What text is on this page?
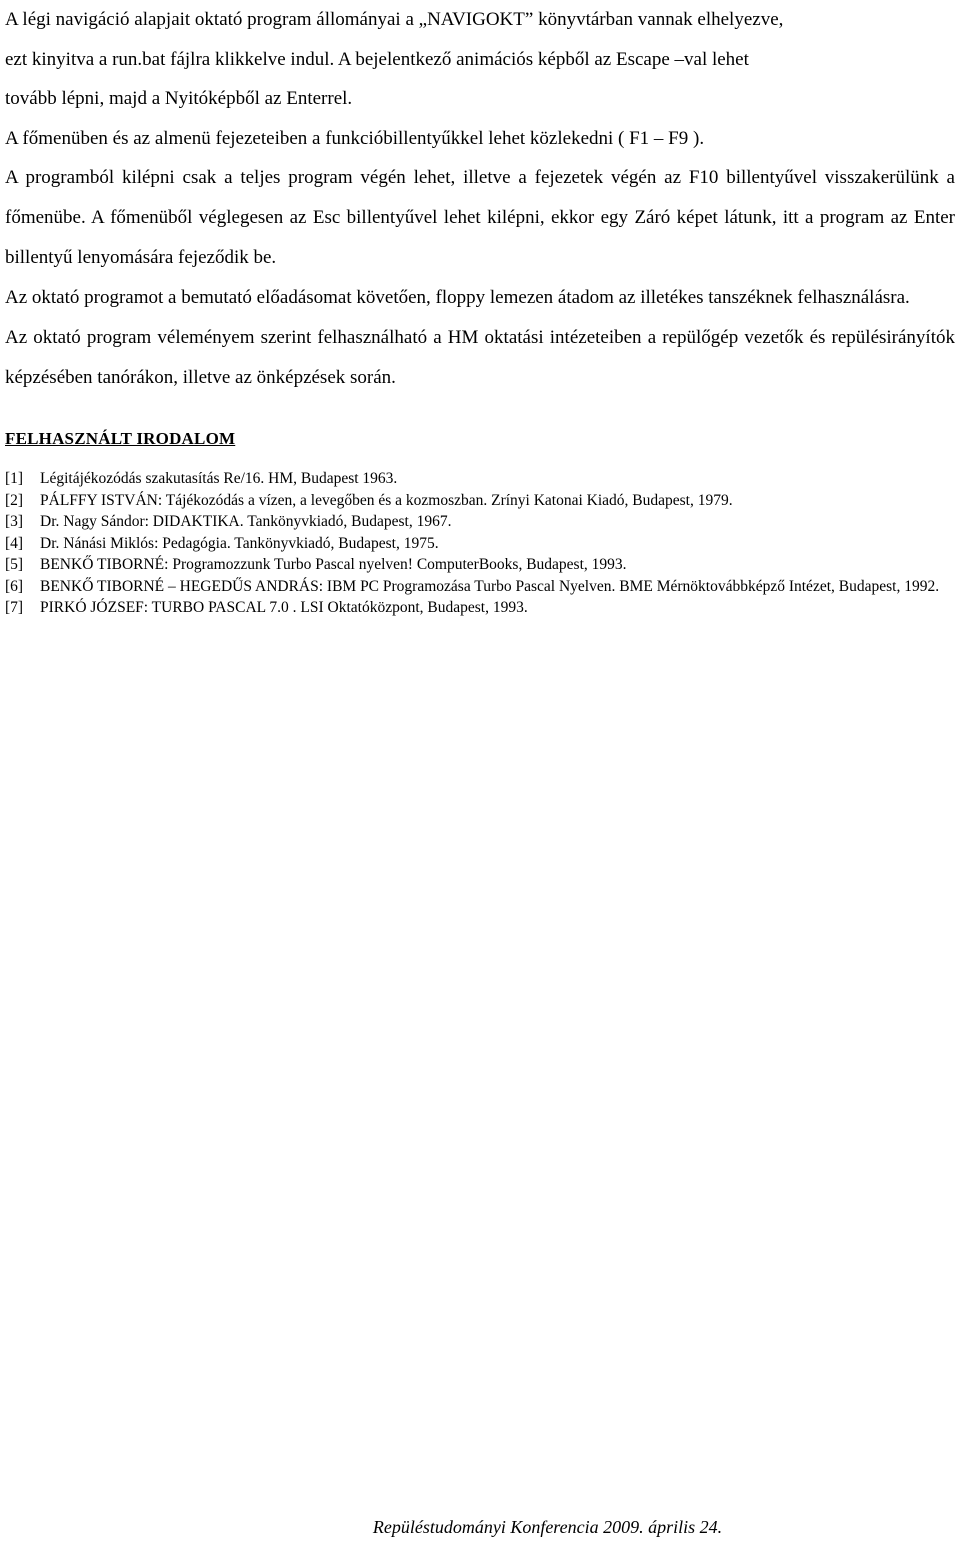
A légi navigáció alapjait oktató program állományai a „NAVIGOKT” könyvtárban vannak elhelyezve,

ezt kinyitva a run.bat fájlra klikkelve indul. A bejelentkező animációs képből az Escape –val lehet

tovább lépni, majd a Nyitóképből az Enterrel.

A főmenüben és az almenü fejezeteiben a funkcióbillentyűkkel lehet közlekedni ( F1 – F9 ).

A programból kilépni csak a teljes program végén lehet, illetve a fejezetek végén az F10 billentyűvel visszakerülünk a főmenübe. A főmenüből véglegesen az Esc billentyűvel lehet kilépni, ekkor egy Záró képet látunk, itt a program az Enter billentyű lenyomására fejeződik be.

Az oktató programot a bemutató előadásomat követően, floppy lemezen átadom az illetékes tanszéknek felhasználásra.

Az oktató program véleményem szerint felhasználható a HM oktatási intézeteiben a repülőgép vezetők és repülésirányítók képzésében tanórákon, illetve az önképzések során.

FELHASZNÁLT IRODALOM
[1]	Légitájékozódás szakutasítás Re/16. HM, Budapest 1963.
[2]	PÁLFFY ISTVÁN: Tájékozódás a vízen, a levegőben és a kozmoszban. Zrínyi Katonai Kiadó, Budapest, 1979.
[3]	Dr. Nagy Sándor: DIDAKTIKA. Tankönyvkiadó, Budapest, 1967.
[4]	Dr. Nánási Miklós: Pedagógia. Tankönyvkiadó, Budapest, 1975.
[5]	BENKŐ TIBORNÉ: Programozzunk Turbo Pascal nyelven! ComputerBooks, Budapest, 1993.
[6]	BENKŐ TIBORNÉ – HEGEDŰS ANDRÁS: IBM PC Programozása Turbo Pascal Nyelven. BME Mérnöktovábbképző Intézet, Budapest, 1992.
[7]	PIRKÓ JÓZSEF: TURBO PASCAL 7.0 . LSI Oktatóközpont, Budapest, 1993.
Repüléstudományi Konferencia 2009. április 24.
